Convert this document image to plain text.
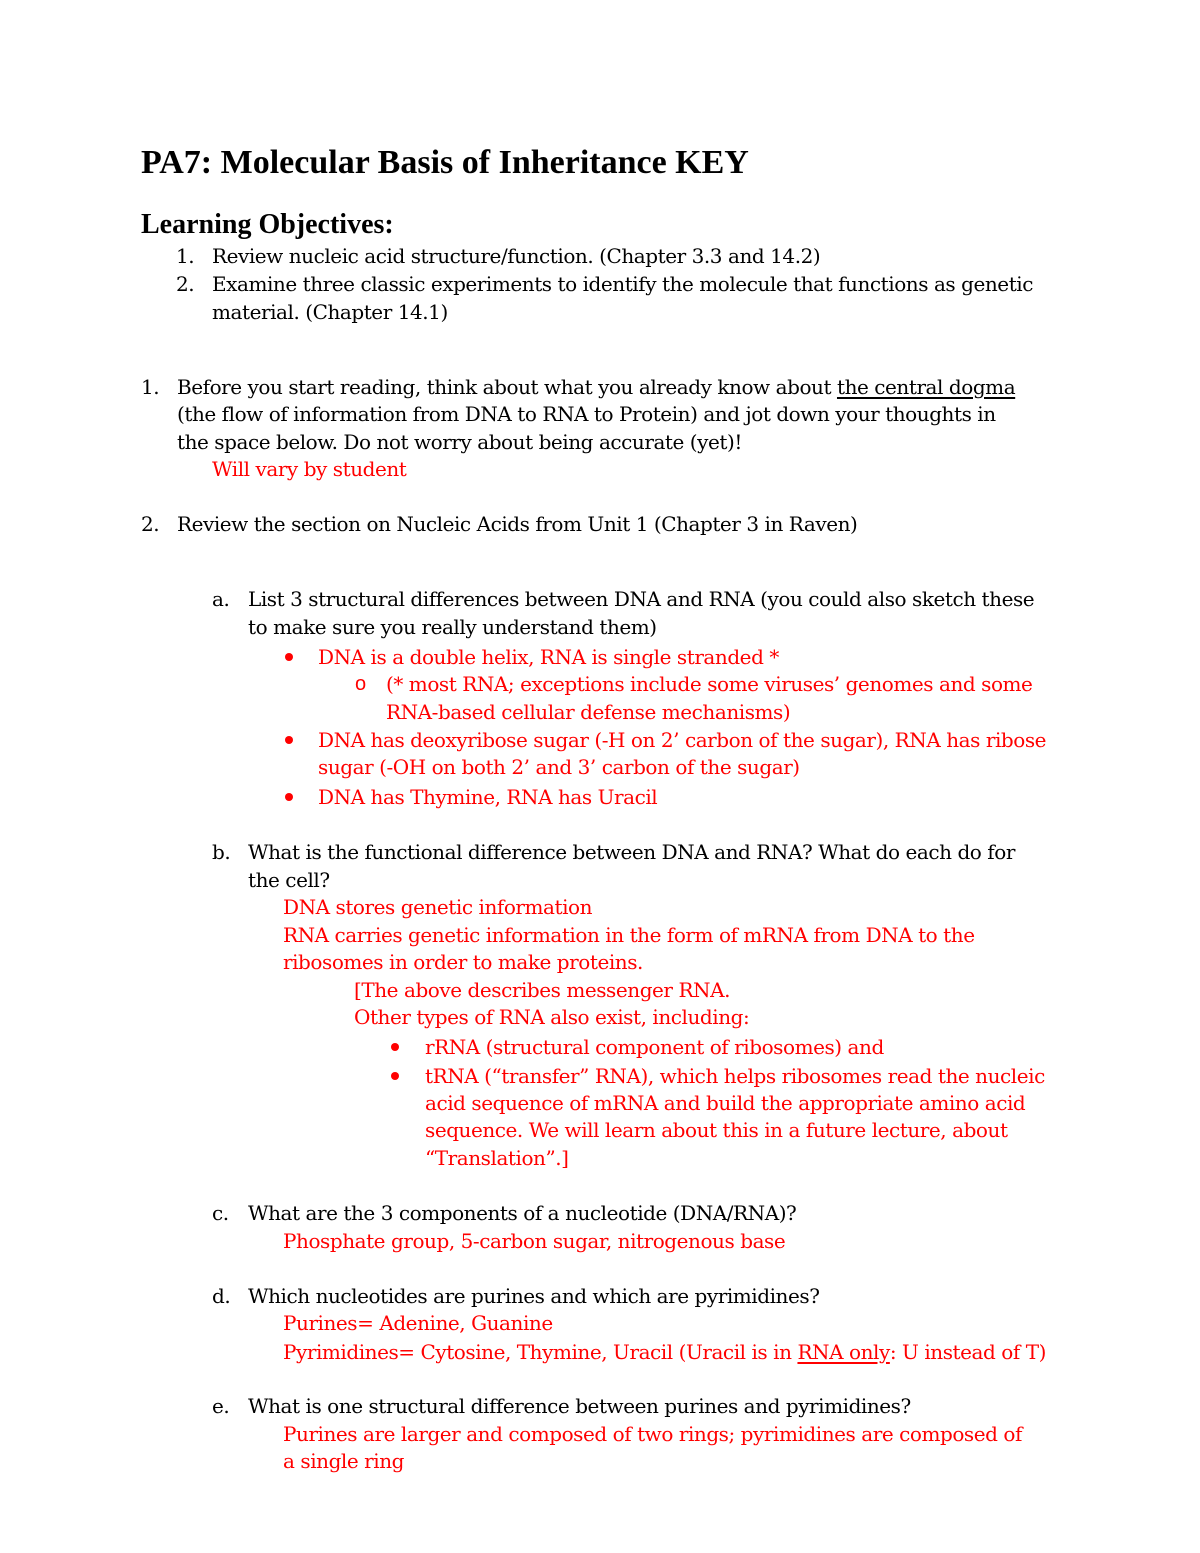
PA7: Molecular Basis of Inheritance KEY
Learning Objectives:
1. Review nucleic acid structure/function. (Chapter 3.3 and 14.2)
2. Examine three classic experiments to identify the molecule that functions as genetic
material. (Chapter 14.1)
1. Before you start reading, think about what you already know about the central dogma
(the flow of information from DNA to RNA to Protein) and jot down your thoughts in
the space below. Do not worry about being accurate (yet)!
Will vary by student
2. Review the section on Nucleic Acids from Unit 1 (Chapter 3 in Raven)
a. List 3 structural differences between DNA and RNA (you could also sketch these
to make sure you really understand them)
DNA is a double helix, RNA is single stranded *
o (* most RNA; exceptions include some viruses’ genomes and some
RNA-based cellular defense mechanisms)
DNA has deoxyribose sugar (-H on 2’ carbon of the sugar), RNA has ribose
sugar (-OH on both 2’ and 3’ carbon of the sugar)
DNA has Thymine, RNA has Uracil
b. What is the functional difference between DNA and RNA? What do each do for
the cell?
DNA stores genetic information
RNA carries genetic information in the form of mRNA from DNA to the
ribosomes in order to make proteins.
[The above describes messenger RNA.
Other types of RNA also exist, including:
rRNA (structural component of ribosomes) and
tRNA (“transfer” RNA), which helps ribosomes read the nucleic
acid sequence of mRNA and build the appropriate amino acid
sequence. We will learn about this in a future lecture, about
“Translation”.]
c. What are the 3 components of a nucleotide (DNA/RNA)?
Phosphate group, 5-carbon sugar, nitrogenous base
d. Which nucleotides are purines and which are pyrimidines?
Purines= Adenine, Guanine
Pyrimidines= Cytosine, Thymine, Uracil (Uracil is in RNA only: U instead of T)
e. What is one structural difference between purines and pyrimidines?
Purines are larger and composed of two rings; pyrimidines are composed of
a single ring
